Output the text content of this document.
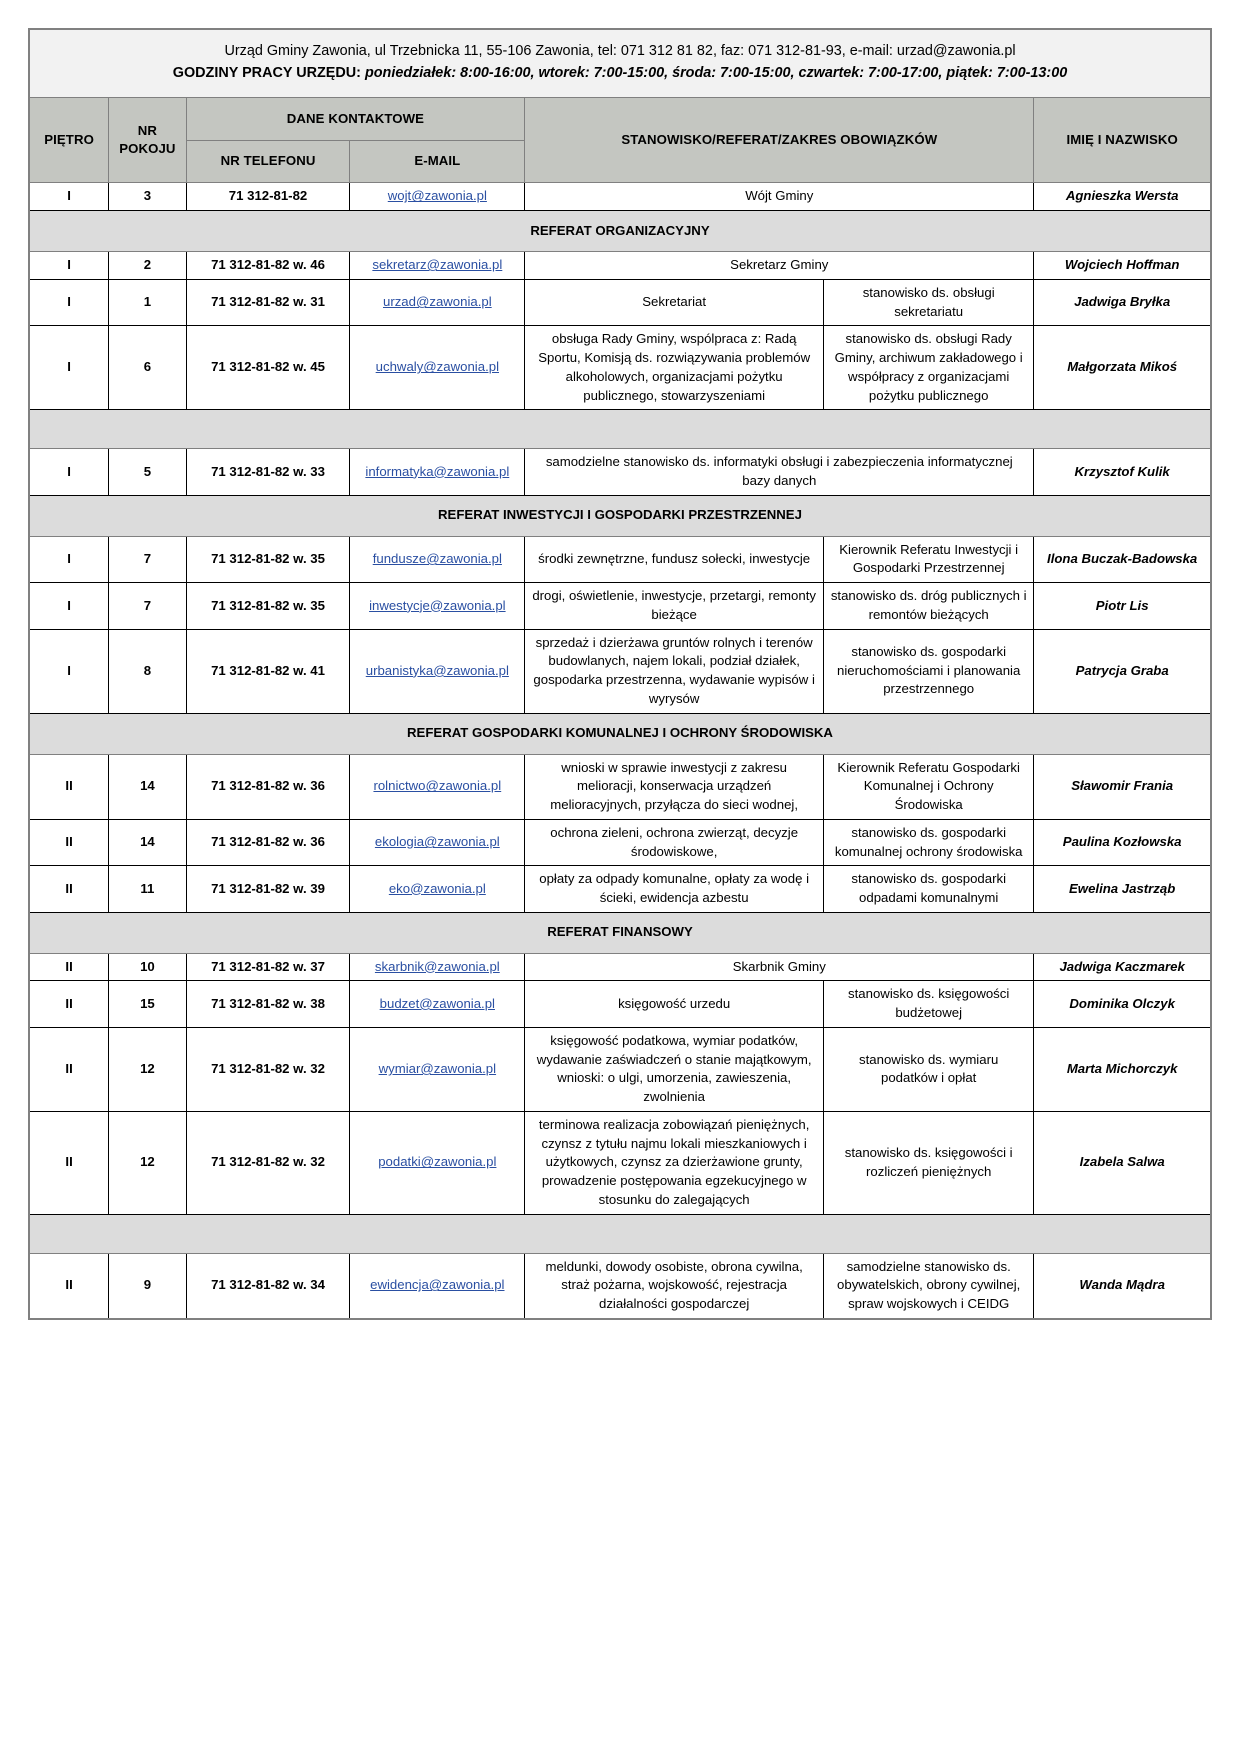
Urząd Gminy Zawonia, ul Trzebnicka 11, 55-106 Zawonia, tel: 071 312 81 82, faz: 071 312-81-93, e-mail: urzad@zawonia.pl
GODZINY PRACY URZĘDU: poniedziałek: 8:00-16:00, wtorek: 7:00-15:00, środa: 7:00-15:00, czwartek: 7:00-17:00, piątek: 7:00-13:00						

PIĘTRO	NR POKOJU	DANE KONTAKTOWE		STANOWISKO/REFERAT/ZAKRES OBOWIĄZKÓW		IMIĘ I NAZWISKO
		NR TELEFONU	E-MAIL			
I	3	71 312-81-82	wojt@zawonia.pl	Wójt Gminy		Agnieszka Wersta
REFERAT ORGANIZACYJNY						
I	2	71 312-81-82 w. 46	sekretarz@zawonia.pl	Sekretarz Gminy		Wojciech Hoffman
I	1	71 312-81-82 w. 31	urzad@zawonia.pl	Sekretariat	stanowisko ds. obsługi sekretariatu	Jadwiga Bryłka
I	6	71 312-81-82 w. 45	uchwaly@zawonia.pl	obsługa Rady Gminy, wspólpraca z: Radą Sportu, Komisją ds. rozwiązywania problemów alkoholowych, organizacjami pożytku publicznego, stowarzyszeniami	stanowisko ds. obsługi Rady Gminy, archiwum zakładowego i współpracy z organizacjami pożytku publicznego	Małgorzata Mikoś

I	5	71 312-81-82 w. 33	informatyka@zawonia.pl	samodzielne stanowisko ds. informatyki obsługi i zabezpieczenia informatycznej bazy danych		Krzysztof Kulik
REFERAT INWESTYCJI I GOSPODARKI PRZESTRZENNEJ						
I	7	71 312-81-82 w. 35	fundusze@zawonia.pl	środki zewnętrzne, fundusz sołecki, inwestycje	Kierownik Referatu Inwestycji i Gospodarki Przestrzennej	Ilona Buczak-Badowska
I	7	71 312-81-82 w. 35	inwestycje@zawonia.pl	drogi, oświetlenie, inwestycje, przetargi, remonty bieżące	stanowisko ds. dróg publicznych i remontów bieżących	Piotr Lis
I	8	71 312-81-82 w. 41	urbanistyka@zawonia.pl	sprzedaż i dzierżawa gruntów rolnych i terenów budowlanych, najem lokali, podział działek, gospodarka przestrzenna, wydawanie wypisów i wyrysów	stanowisko ds. gospodarki nieruchomościami i planowania przestrzennego	Patrycja Graba
REFERAT GOSPODARKI KOMUNALNEJ I OCHRONY ŚRODOWISKA						
II	14	71 312-81-82 w. 36	rolnictwo@zawonia.pl	wnioski w sprawie inwestycji z zakresu melioracji, konserwacja urządzeń melioracyjnych, przyłącza do sieci wodnej,	Kierownik Referatu Gospodarki Komunalnej i Ochrony Środowiska	Sławomir Frania
II	14	71 312-81-82 w. 36	ekologia@zawonia.pl	ochrona zieleni, ochrona zwierząt, decyzje środowiskowe,	stanowisko ds. gospodarki komunalnej ochrony środowiska	Paulina Kozłowska
II	11	71 312-81-82 w. 39	eko@zawonia.pl	opłaty za odpady komunalne, opłaty za wodę i ścieki, ewidencja azbestu	stanowisko ds. gospodarki odpadami komunalnymi	Ewelina Jastrząb
REFERAT FINANSOWY						
II	10	71 312-81-82 w. 37	skarbnik@zawonia.pl	Skarbnik Gminy		Jadwiga Kaczmarek
II	15	71 312-81-82 w. 38	budzet@zawonia.pl	księgowość urzedu	stanowisko ds. księgowości budżetowej	Dominika Olczyk
II	12	71 312-81-82 w. 32	wymiar@zawonia.pl	księgowość podatkowa, wymiar podatków, wydawanie zaświadczeń o stanie majątkowym, wnioski: o ulgi, umorzenia, zawieszenia, zwolnienia	stanowisko ds. wymiaru podatków i opłat	Marta Michorczyk
II	12	71 312-81-82 w. 32	podatki@zawonia.pl	terminowa realizacja zobowiązań pieniężnych, czynsz z tytułu najmu lokali mieszkaniowych i użytkowych, czynsz za dzierżawione grunty, prowadzenie postępowania egzekucyjnego w stosunku do zalegających	stanowisko ds. księgowości i rozliczeń pieniężnych	Izabela Salwa

II	9	71 312-81-82 w. 34	ewidencja@zawonia.pl	meldunki, dowody osobiste, obrona cywilna, straż pożarna, wojskowość, rejestracja działalności gospodarczej	samodzielne stanowisko ds. obywatelskich, obrony cywilnej, spraw wojskowych i CEIDG	Wanda Mądra
